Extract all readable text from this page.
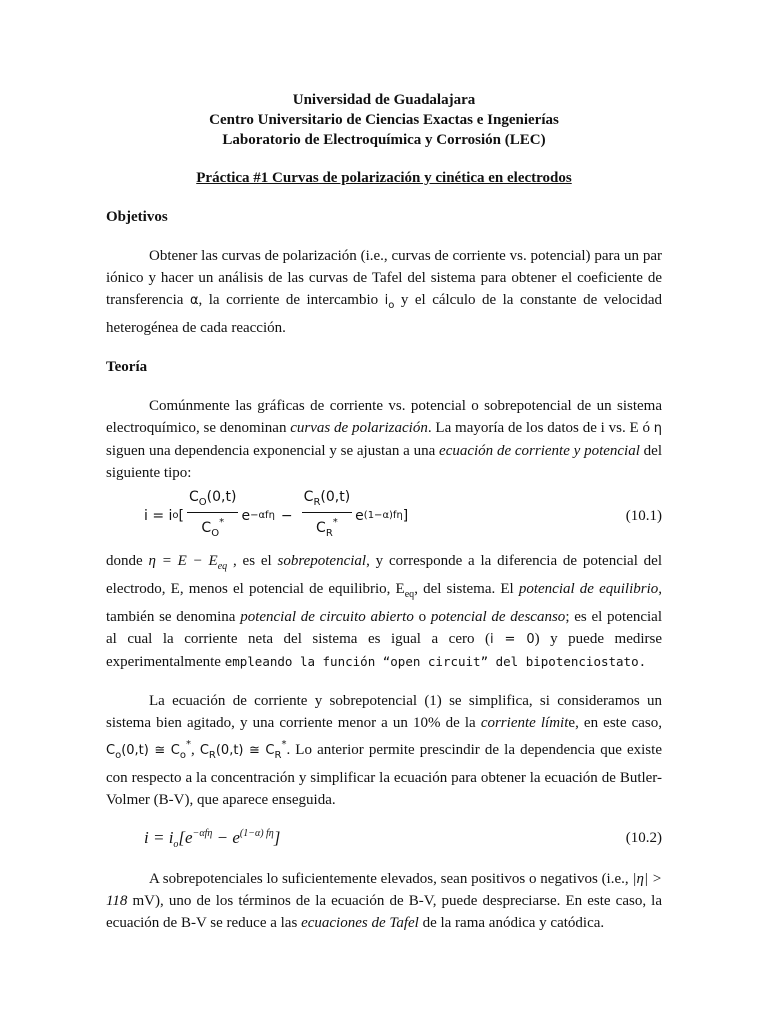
Universidad de Guadalajara
Centro Universitario de Ciencias Exactas e Ingenierías
Laboratorio de Electroquímica y Corrosión (LEC)
Práctica #1 Curvas de polarización y cinética en electrodos
Objetivos
Obtener las curvas de polarización (i.e., curvas de corriente vs. potencial) para un par iónico y hacer un análisis de las curvas de Tafel del sistema para obtener el coeficiente de transferencia α, la corriente de intercambio $i_o$ y el cálculo de la constante de velocidad heterogénea de cada reacción.
Teoría
Comúnmente las gráficas de corriente vs. potencial o sobrepotencial de un sistema electroquímico, se denominan curvas de polarización. La mayoría de los datos de i vs. E ó η siguen una dependencia exponencial y se ajustan a una ecuación de corriente y potencial del siguiente tipo:
i = i o [ $\frac{C_O(0,t)}{C_O^*}$ $e -\alpha f\eta - \frac{C_R(0,t)}{C_R^*}$ e (1−α)fη ]	(10.1)
donde $\eta = E - E_{eq}$ , es el sobrepotencial, y corresponde a la diferencia de potencial del electrodo, E, menos el potencial de equilibrio, $E_{eq}$, del sistema. El potencial de equilibrio, también se denomina potencial de circuito abierto o potencial de descanso; es el potencial al cual la corriente neta del sistema es igual a cero (i = 0) y puede medirse experimentalmente empleando la función “open circuit” del bipotenciostato.
La ecuación de corriente y sobrepotencial (1) se simplifica, si consideramos un sistema bien agitado, y una corriente menor a un 10% de la corriente límite, en este caso, $C_o(0,t)$ ≅ $C_o^*$, $C_R(0,t)$ ≅ $C_R^*$. Lo anterior permite prescindir de la dependencia que existe con respecto a la concentración y simplificar la ecuación para obtener la ecuación de Butler-Volmer (B-V), que aparece enseguida.
$i = i_o[e^{-\alpha f\eta} - e^{(1-\alpha) f\eta}]$	(10.2)
A sobrepotenciales lo suficientemente elevados, sean positivos o negativos (i.e., |η| > 118 mV), uno de los términos de la ecuación de B-V, puede despreciarse. En este caso, la ecuación de B-V se reduce a las ecuaciones de Tafel de la rama anódica y catódica.
